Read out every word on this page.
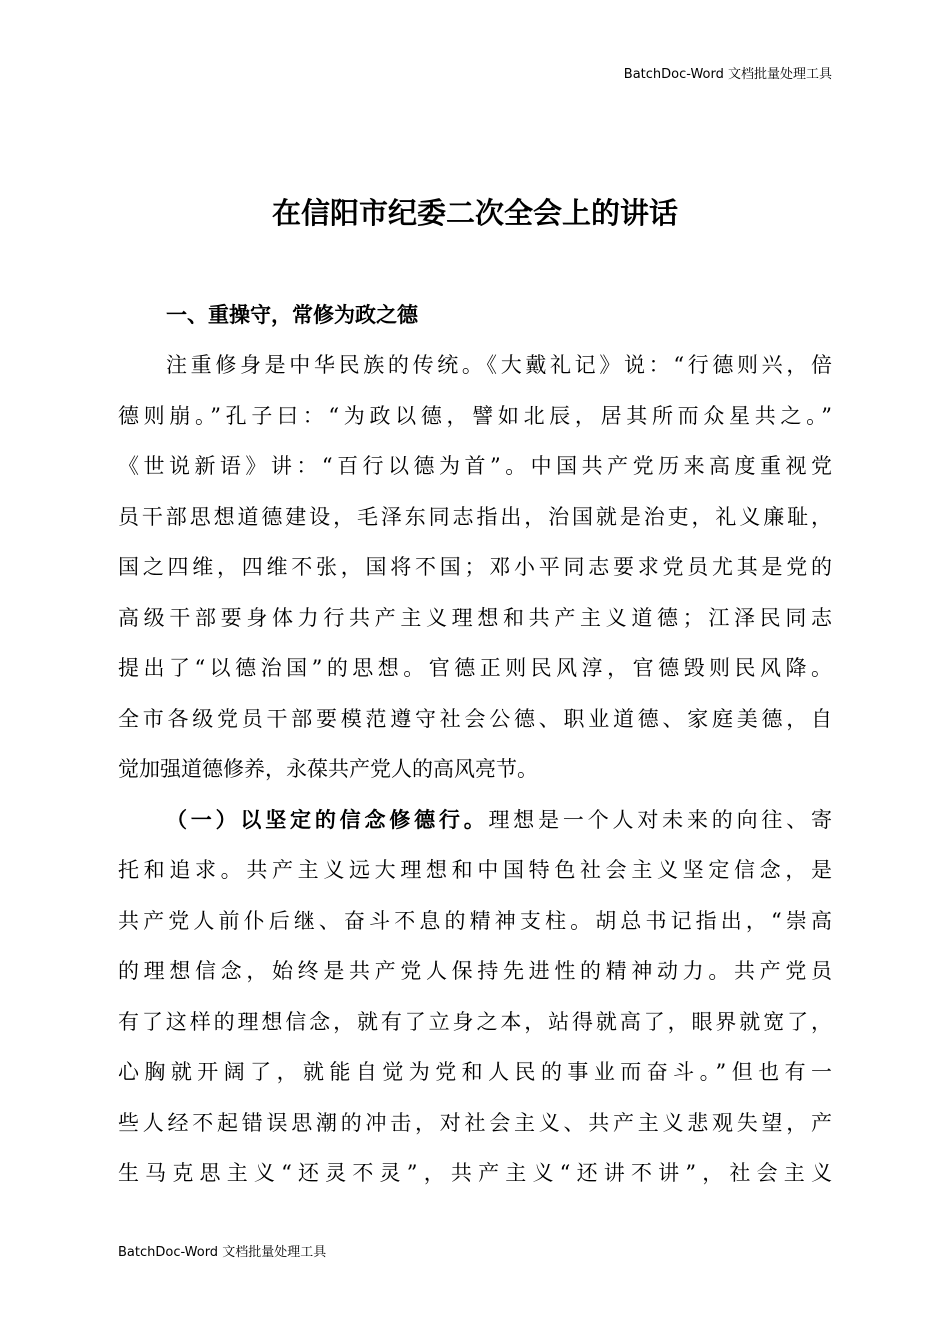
BatchDoc-Word 文档批量处理工具
在信阳市纪委二次全会上的讲话
一、重操守，常修为政之德
注重修身是中华民族的传统。《大戴礼记》说：“行德则兴，倍
德则崩。”孔子曰：“为政以德，譬如北辰，居其所而众星共之。”
《世说新语》讲：“百行以德为首”。中国共产党历来高度重视党
员干部思想道德建设，毛泽东同志指出，治国就是治吏，礼义廉耻，
国之四维，四维不张，国将不国；邓小平同志要求党员尤其是党的
高级干部要身体力行共产主义理想和共产主义道德；江泽民同志
提出了“以德治国”的思想。官德正则民风淳，官德毁则民风降。
全市各级党员干部要模范遵守社会公德、职业道德、家庭美德，自
觉加强道德修养，永葆共产党人的高风亮节。
（一）以坚定的信念修德行。理想是一个人对未来的向往、寄
托和追求。共产主义远大理想和中国特色社会主义坚定信念，是
共产党人前仆后继、奋斗不息的精神支柱。胡总书记指出，“崇高
的理想信念，始终是共产党人保持先进性的精神动力。共产党员
有了这样的理想信念，就有了立身之本，站得就高了，眼界就宽了，
心胸就开阔了，就能自觉为党和人民的事业而奋斗。”但也有一
些人经不起错误思潮的冲击，对社会主义、共产主义悲观失望，产
生马克思主义“还灵不灵”，共产主义“还讲不讲”，社会主义
BatchDoc-Word 文档批量处理工具
